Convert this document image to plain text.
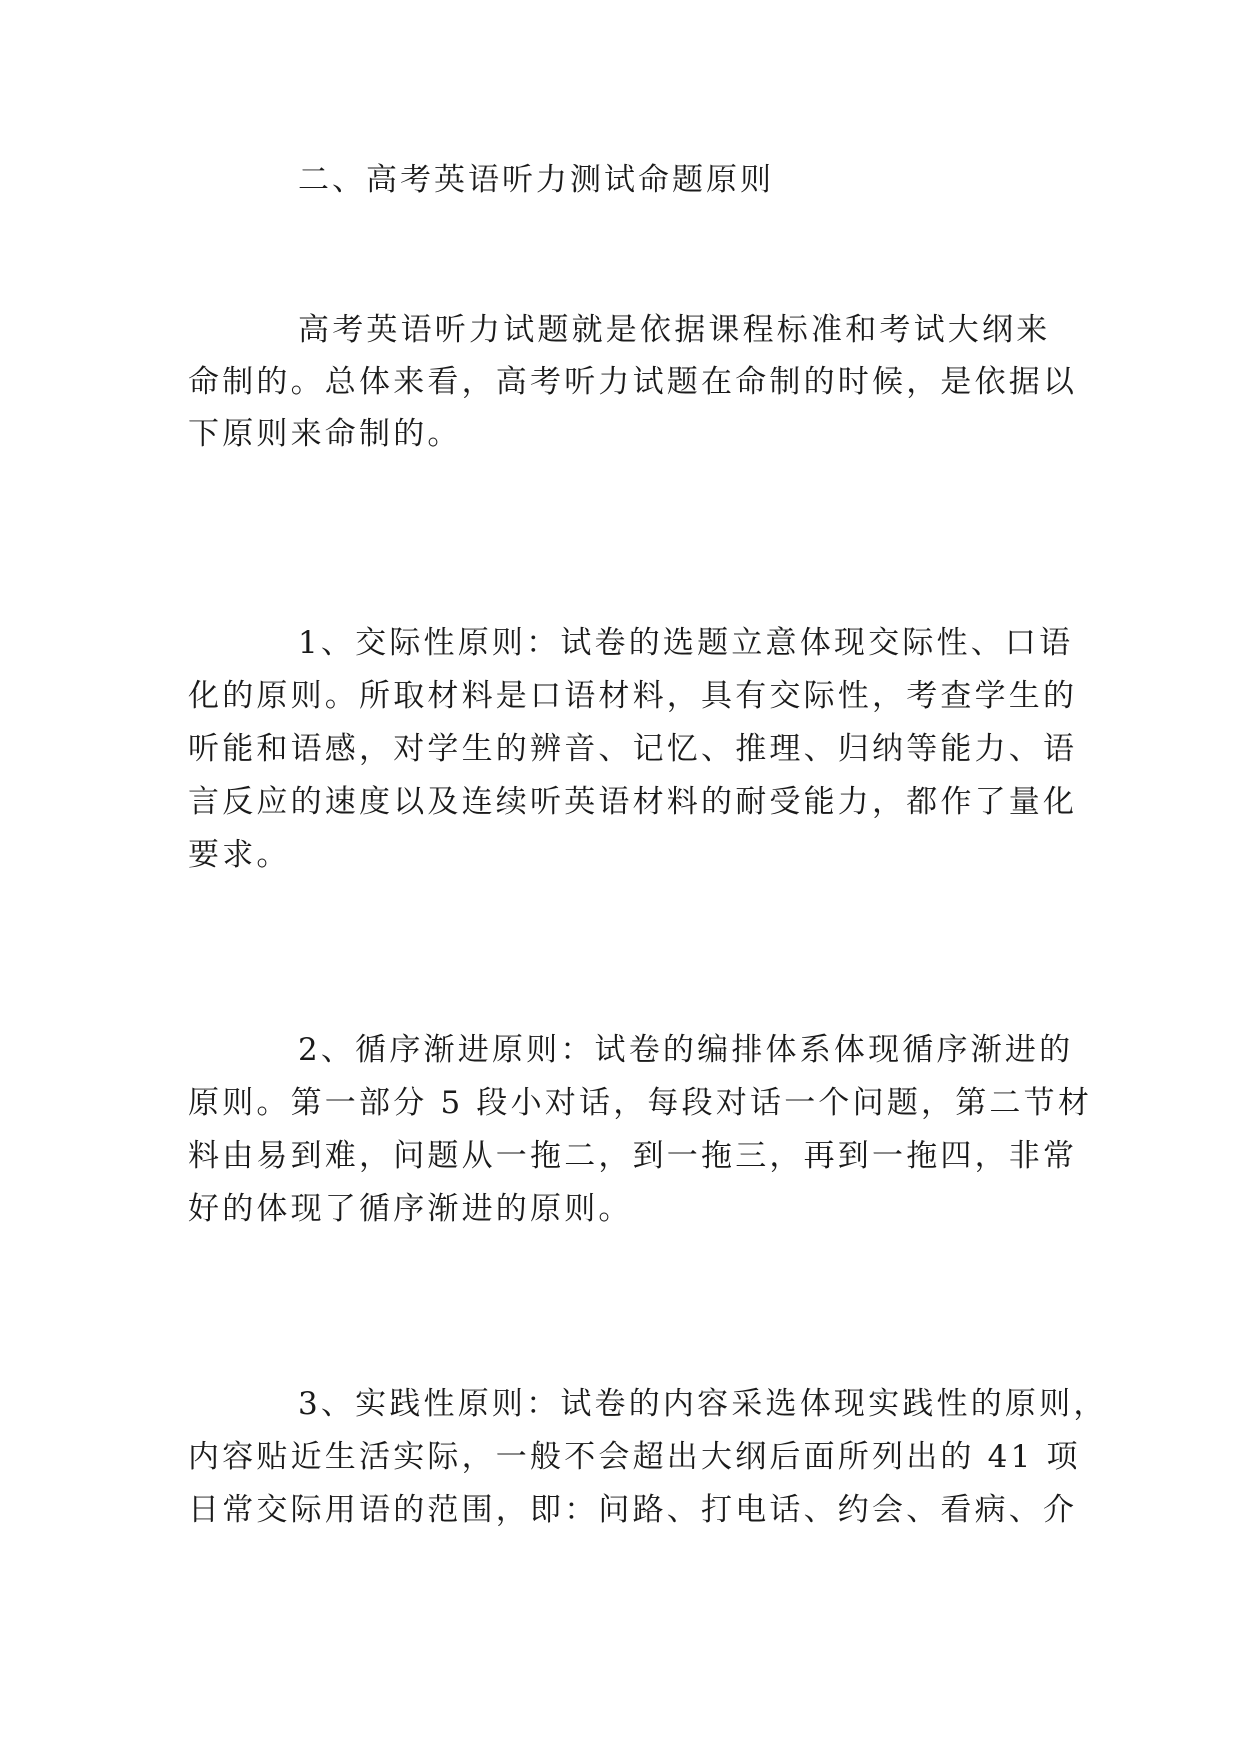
二、高考英语听力测试命题原则
高考英语听力试题就是依据课程标准和考试大纲来
命制的。总体来看，高考听力试题在命制的时候，是依据以
下原则来命制的。
1、交际性原则：试卷的选题立意体现交际性、口语
化的原则。所取材料是口语材料，具有交际性，考查学生的
听能和语感，对学生的辨音、记忆、推理、归纳等能力、语
言反应的速度以及连续听英语材料的耐受能力，都作了量化
要求。
2、循序渐进原则：试卷的编排体系体现循序渐进的
原则。第一部分 5 段小对话，每段对话一个问题，第二节材
料由易到难，问题从一拖二，到一拖三，再到一拖四，非常
好的体现了循序渐进的原则。
3、实践性原则：试卷的内容采选体现实践性的原则，
内容贴近生活实际，一般不会超出大纲后面所列出的 41 项
日常交际用语的范围，即：问路、打电话、约会、看病、介
